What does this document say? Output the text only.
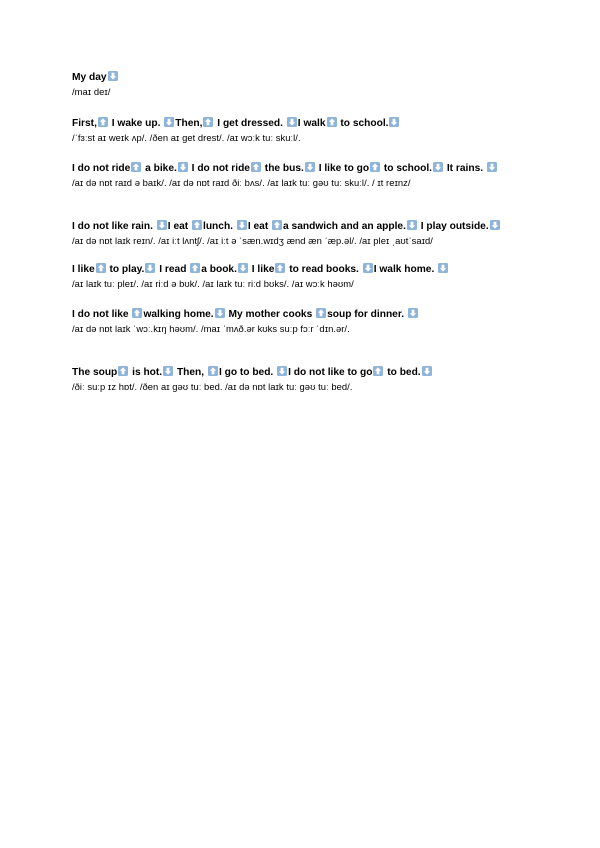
My day
/maɪ deɪ/
First,
I wake up.
Then,
I get dressed.
I walk
to school.
/ˈfɜːst aɪ weɪk ʌp/. /ðen aɪ get drest/. /aɪ wɔːk tuː skuːl/.
I do not ride
a bike.
I do not ride
the bus.
I like to go
to school.
It rains.
/aɪ də nɒt raɪd ə baɪk/. /aɪ də nɒt raɪd ðiː bʌs/. /aɪ laɪk tuː ɡəʊ tuː skuːl/. / ɪt reɪnz/
I do not like rain.
I eat
lunch.
I eat
a sandwich and an apple.
I play outside.
/aɪ də nɒt laɪk reɪn/. /aɪ iːt lʌntʃ/. /aɪ iːt ə ˈsæn.wɪdʒ ænd æn ˈæp.əl/. /aɪ pleɪ ˌaʊtˈsaɪd/
I like
to play.
I read
a book.
I like
to read books.
I walk home.
/aɪ laɪk tuː pleɪ/. /aɪ riːd ə bʊk/. /aɪ laɪk tuː riːd bʊks/. /aɪ wɔːk həʊm/
I do not like
walking home.
My mother cooks
soup for dinner.
/aɪ də nɒt laɪk ˈwɔː.kɪŋ həʊm/. /maɪ ˈmʌð.ər kʊks suːp fɔːr ˈdɪn.ər/.
The soup
is hot.
Then,
I go to bed.
I do not like to go
to bed.
/ðiː suːp ɪz hɒt/. /ðen aɪ ɡəʊ tuː bed. /aɪ də nɒt laɪk tuː ɡəʊ tuː bed/.
